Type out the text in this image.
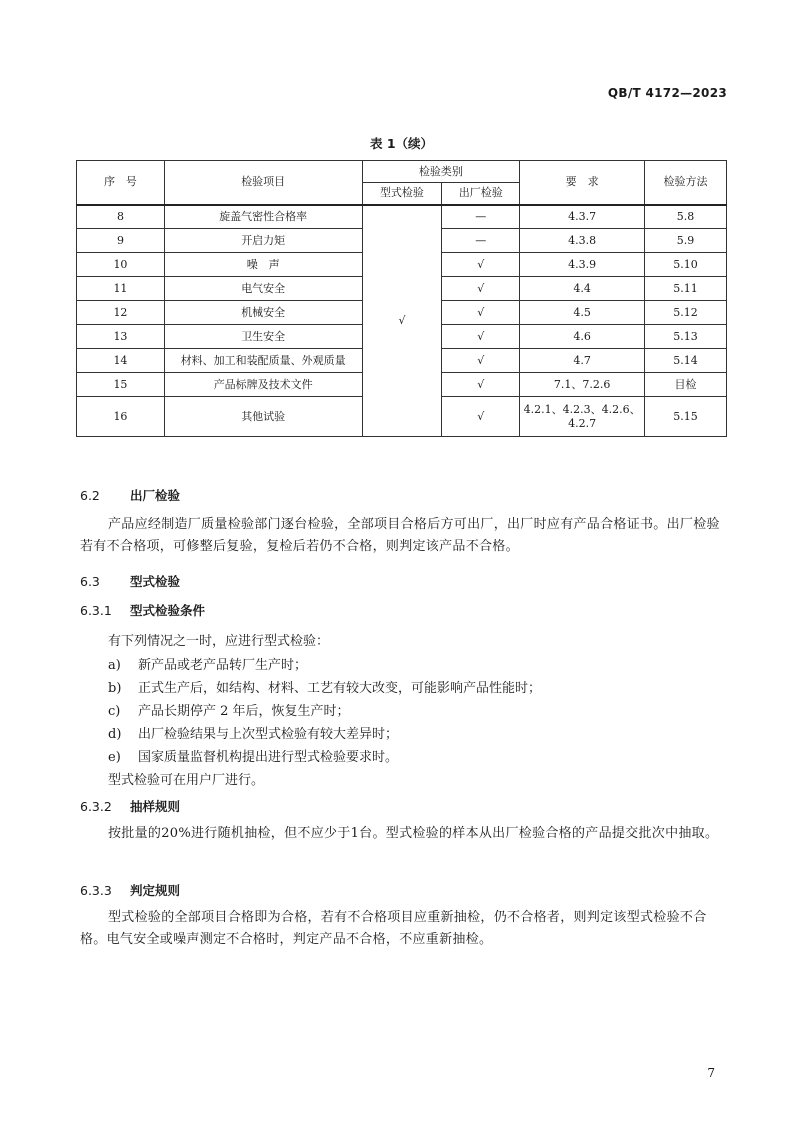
QB/T 4172—2023
表 1（续）
序　号	检验项目	检验类别		要　求	检验方法
		型式检验	出厂检验		
8	旋盖气密性合格率	√	—	4.3.7	5.8
9	开启力矩		—	4.3.8	5.9
10	噪　声		√	4.3.9	5.10
11	电气安全		√	4.4	5.11
12	机械安全		√	4.5	5.12
13	卫生安全		√	4.6	5.13
14	材料、加工和装配质量、外观质量		√	4.7	5.14
15	产品标牌及技术文件		√	7.1、7.2.6	目检
16	其他试验		√	4.2.1、4.2.3、4.2.6、4.2.7	5.15
6.2 出厂检验
产品应经制造厂质量检验部门逐台检验，全部项目合格后方可出厂，出厂时应有产品合格证书。出厂检验若有不合格项，可修整后复验，复检后若仍不合格，则判定该产品不合格。
6.3 型式检验
6.3.1 型式检验条件
有下列情况之一时，应进行型式检验：
a) 新产品或老产品转厂生产时；
b) 正式生产后，如结构、材料、工艺有较大改变，可能影响产品性能时；
c) 产品长期停产 2 年后，恢复生产时；
d) 出厂检验结果与上次型式检验有较大差异时；
e) 国家质量监督机构提出进行型式检验要求时。
型式检验可在用户厂进行。
6.3.2 抽样规则
按批量的20%进行随机抽检，但不应少于1台。型式检验的样本从出厂检验合格的产品提交批次中抽取。
6.3.3 判定规则
型式检验的全部项目合格即为合格，若有不合格项目应重新抽检，仍不合格者，则判定该型式检验不合格。电气安全或噪声测定不合格时，判定产品不合格，不应重新抽检。
7
